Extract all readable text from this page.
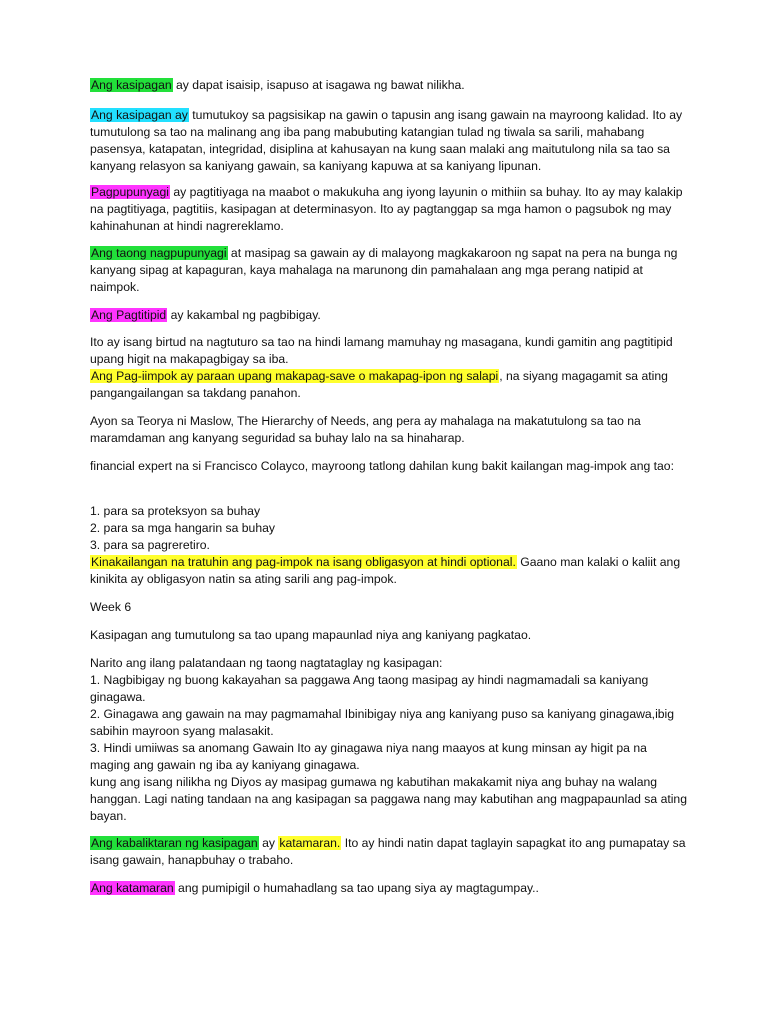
Ang kasipagan ay dapat isaisip, isapuso at isagawa ng bawat nilikha.

Ang kasipagan ay tumutukoy sa pagsisikap na gawin o tapusin ang isang gawain na mayroong kalidad. Ito ay tumutulong sa tao na malinang ang iba pang mabubuting katangian tulad ng tiwala sa sarili, mahabang pasensya, katapatan, integridad, disiplina at kahusayan na kung saan malaki ang maitutulong nila sa tao sa kanyang relasyon sa kaniyang gawain, sa kaniyang kapuwa at sa kaniyang lipunan.

Pagpupunyagi ay pagtitiyaga na maabot o makukuha ang iyong layunin o mithiin sa buhay. Ito ay may kalakip na pagtitiyaga, pagtitiis, kasipagan at determinasyon. Ito ay pagtanggap sa mga hamon o pagsubok ng may kahinahunan at hindi nagrereklamo.

Ang taong nagpupunyagi at masipag sa gawain ay di malayong magkakaroon ng sapat na pera na bunga ng kanyang sipag at kapaguran, kaya mahalaga na marunong din pamahalaan ang mga perang natipid at naimpok.

Ang Pagtitipid ay kakambal ng pagbibigay.

Ito ay isang birtud na nagtuturo sa tao na hindi lamang mamuhay ng masagana, kundi gamitin ang pagtitipid upang higit na makapagbigay sa iba.
Ang Pag-iimpok ay paraan upang makapag-save o makapag-ipon ng salapi, na siyang magagamit sa ating pangangailangan sa takdang panahon.

Ayon sa Teorya ni Maslow, The Hierarchy of Needs, ang pera ay mahalaga na makatutulong sa tao na maramdaman ang kanyang seguridad sa buhay lalo na sa hinaharap.

financial expert na si Francisco Colayco, mayroong tatlong dahilan kung bakit kailangan mag-impok ang tao:

1. para sa proteksyon sa buhay
2. para sa mga hangarin sa buhay
3. para sa pagreretiro.
Kinakailangan na tratuhin ang pag-impok na isang obligasyon at hindi optional. Gaano man kalaki o kaliit ang kinikita ay obligasyon natin sa ating sarili ang pag-impok.

Week 6

Kasipagan ang tumutulong sa tao upang mapaunlad niya ang kaniyang pagkatao.

Narito ang ilang palatandaan ng taong nagtataglay ng kasipagan:
1. Nagbibigay ng buong kakayahan sa paggawa Ang taong masipag ay hindi nagmamadali sa kaniyang ginagawa.
2. Ginagawa ang gawain na may pagmamahal Ibinibigay niya ang kaniyang puso sa kaniyang ginagawa,ibig sabihin mayroon syang malasakit.
3. Hindi umiiwas sa anomang Gawain Ito ay ginagawa niya nang maayos at kung minsan ay higit pa na maging ang gawain ng iba ay kaniyang ginagawa.
kung ang isang nilikha ng Diyos ay masipag gumawa ng kabutihan makakamit niya ang buhay na walang hanggan. Lagi nating tandaan na ang kasipagan sa paggawa nang may kabutihan ang magpapaunlad sa ating bayan.

Ang kabaliktaran ng kasipagan ay katamaran. Ito ay hindi natin dapat taglayin sapagkat ito ang pumapatay sa isang gawain, hanapbuhay o trabaho.

Ang katamaran ang pumipigil o humahadlang sa tao upang siya ay magtagumpay..
